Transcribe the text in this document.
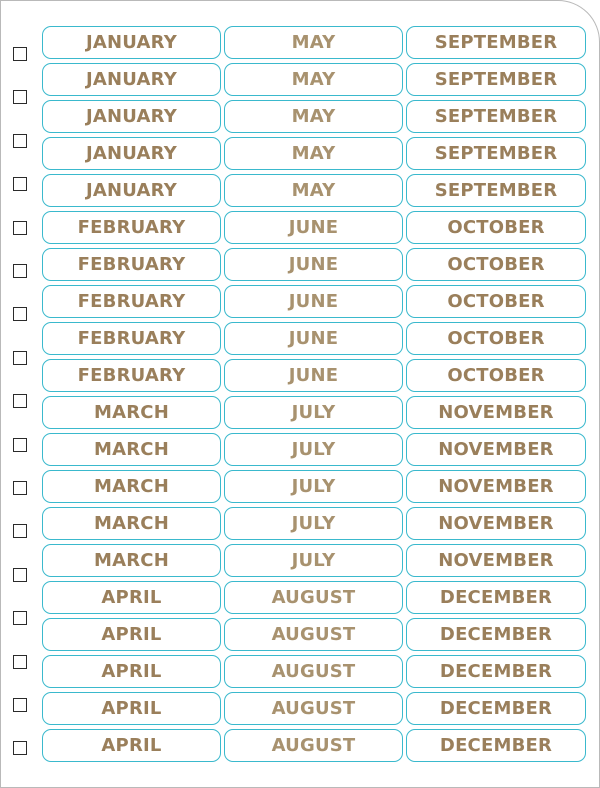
JANUARY	MAY	SEPTEMBER
JANUARY	MAY	SEPTEMBER
JANUARY	MAY	SEPTEMBER
JANUARY	MAY	SEPTEMBER
JANUARY	MAY	SEPTEMBER
FEBRUARY	JUNE	OCTOBER
FEBRUARY	JUNE	OCTOBER
FEBRUARY	JUNE	OCTOBER
FEBRUARY	JUNE	OCTOBER
FEBRUARY	JUNE	OCTOBER
MARCH	JULY	NOVEMBER
MARCH	JULY	NOVEMBER
MARCH	JULY	NOVEMBER
MARCH	JULY	NOVEMBER
MARCH	JULY	NOVEMBER
APRIL	AUGUST	DECEMBER
APRIL	AUGUST	DECEMBER
APRIL	AUGUST	DECEMBER
APRIL	AUGUST	DECEMBER
APRIL	AUGUST	DECEMBER
